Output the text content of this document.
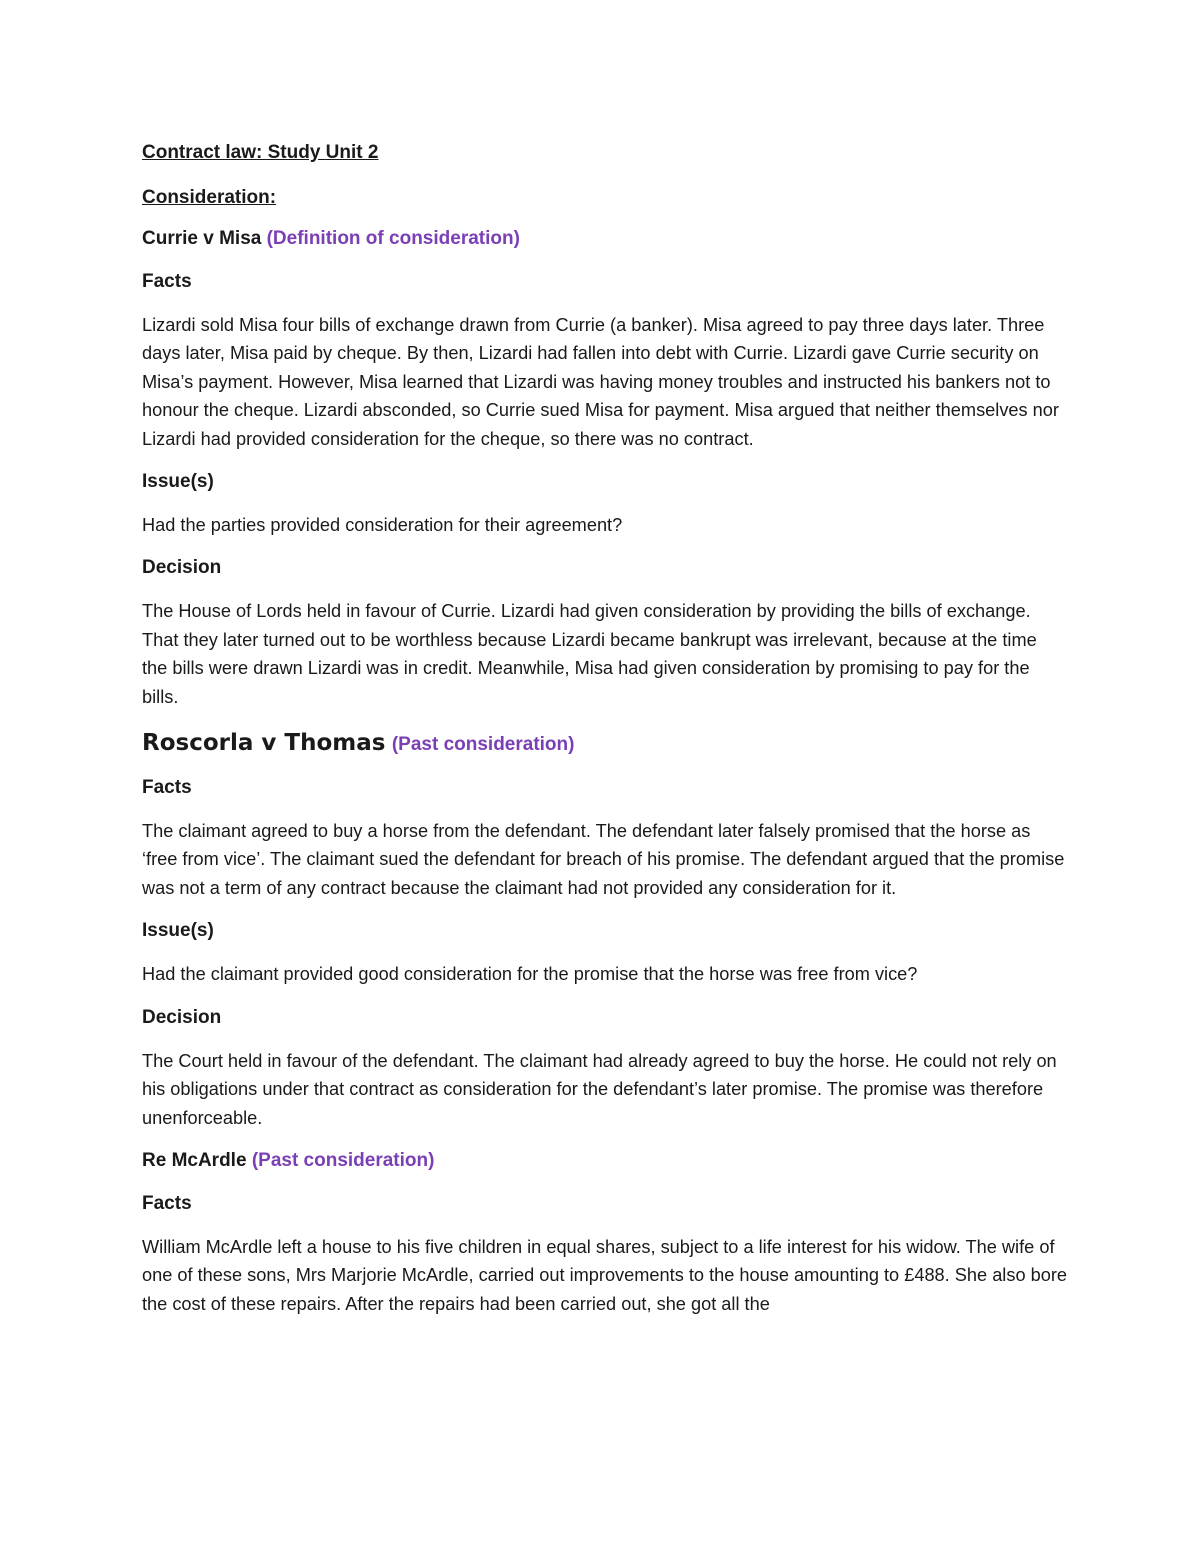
Contract law: Study Unit 2
Consideration:
Currie v Misa (Definition of consideration)
Facts
Lizardi sold Misa four bills of exchange drawn from Currie (a banker). Misa agreed to pay three days later. Three days later, Misa paid by cheque. By then, Lizardi had fallen into debt with Currie. Lizardi gave Currie security on Misa’s payment. However, Misa learned that Lizardi was having money troubles and instructed his bankers not to honour the cheque. Lizardi absconded, so Currie sued Misa for payment. Misa argued that neither themselves nor Lizardi had provided consideration for the cheque, so there was no contract.
Issue(s)
Had the parties provided consideration for their agreement?
Decision
The House of Lords held in favour of Currie. Lizardi had given consideration by providing the bills of exchange. That they later turned out to be worthless because Lizardi became bankrupt was irrelevant, because at the time the bills were drawn Lizardi was in credit. Meanwhile, Misa had given consideration by promising to pay for the bills.
Roscorla v Thomas (Past consideration)
Facts
The claimant agreed to buy a horse from the defendant. The defendant later falsely promised that the horse as ‘free from vice’. The claimant sued the defendant for breach of his promise. The defendant argued that the promise was not a term of any contract because the claimant had not provided any consideration for it.
Issue(s)
Had the claimant provided good consideration for the promise that the horse was free from vice?
Decision
The Court held in favour of the defendant. The claimant had already agreed to buy the horse. He could not rely on his obligations under that contract as consideration for the defendant’s later promise. The promise was therefore unenforceable.
Re McArdle (Past consideration)
Facts
William McArdle left a house to his five children in equal shares, subject to a life interest for his widow. The wife of one of these sons, Mrs Marjorie McArdle, carried out improvements to the house amounting to £488. She also bore the cost of these repairs. After the repairs had been carried out, she got all the
